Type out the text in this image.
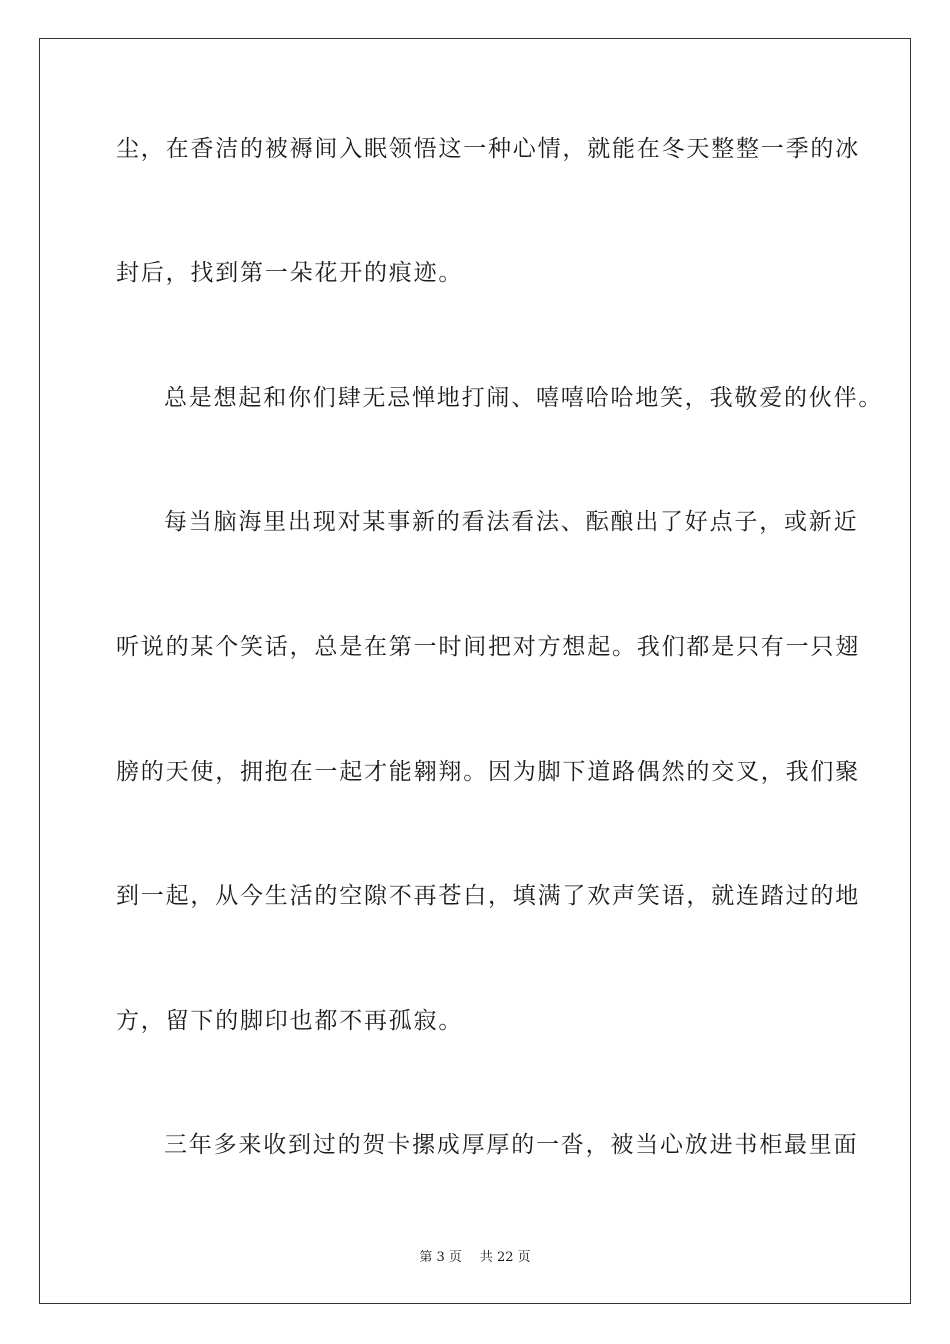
尘，在香洁的被褥间入眠领悟这一种心情，就能在冬天整整一季的冰

封后，找到第一朵花开的痕迹。

总是想起和你们肆无忌惮地打闹、嘻嘻哈哈地笑，我敬爱的伙伴。

每当脑海里出现对某事新的看法看法、酝酿出了好点子，或新近

听说的某个笑话，总是在第一时间把对方想起。我们都是只有一只翅

膀的天使，拥抱在一起才能翱翔。因为脚下道路偶然的交叉，我们聚

到一起，从今生活的空隙不再苍白，填满了欢声笑语，就连踏过的地

方，留下的脚印也都不再孤寂。

三年多来收到过的贺卡摞成厚厚的一沓，被当心放进书柜最里面

第 3 页 共 22 页
